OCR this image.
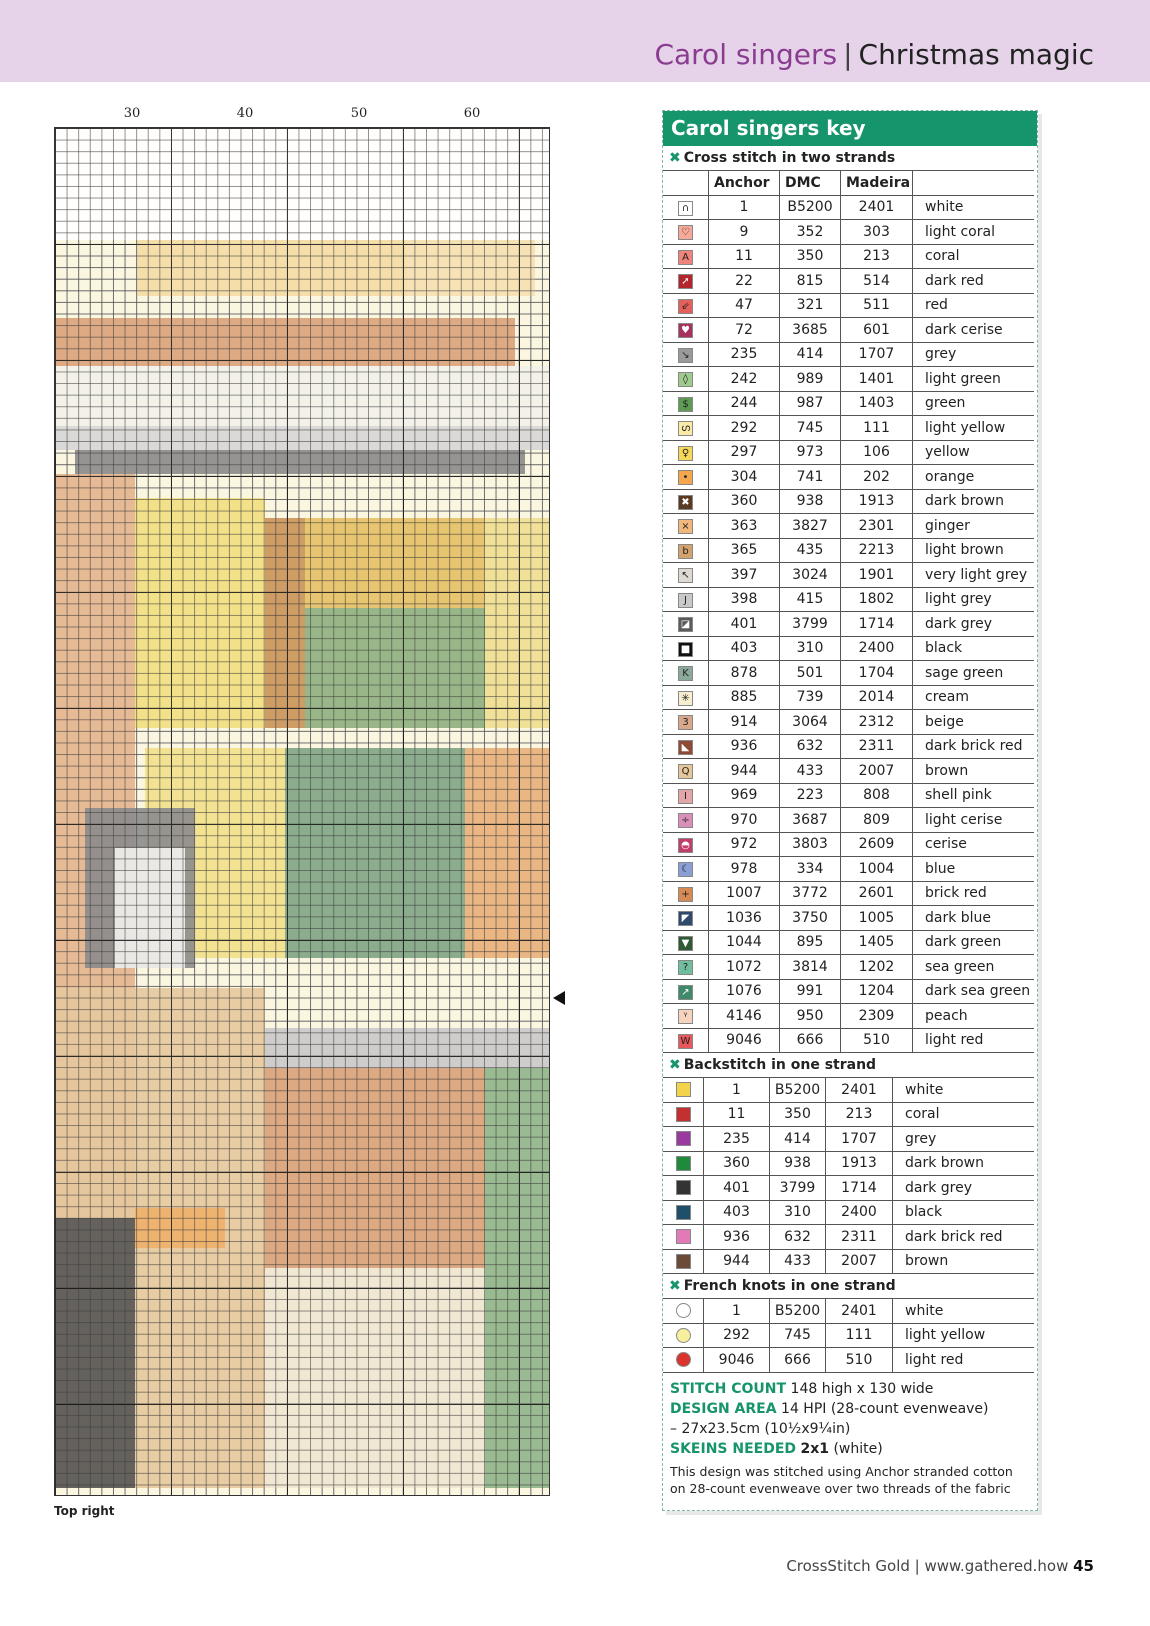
Carol singers | Christmas magic
30	40	50	60
Top right
Carol singers key
✖ Cross stitch in two strands
	Anchor	DMC	Madeira	
∩	1	B5200	2401	white
♡	9	352	303	light coral
A	11	350	213	coral
➚	22	815	514	dark red
⇙	47	321	511	red
♥	72	3685	601	dark cerise
↘	235	414	1707	grey
◊	242	989	1401	light green
$	244	987	1403	green
ഗ	292	745	111	light yellow
♀	297	973	106	yellow
•	304	741	202	orange
✖	360	938	1913	dark brown
×	363	3827	2301	ginger
b	365	435	2213	light brown
↖	397	3024	1901	very light grey
J	398	415	1802	light grey
◪	401	3799	1714	dark grey
■	403	310	2400	black
K	878	501	1704	sage green
✳	885	739	2014	cream
3	914	3064	2312	beige
◣	936	632	2311	dark brick red
Q	944	433	2007	brown
I	969	223	808	shell pink
÷	970	3687	809	light cerise
◓	972	3803	2609	cerise
☾	978	334	1004	blue
+	1007	3772	2601	brick red
◤	1036	3750	1005	dark blue
▼	1044	895	1405	dark green
?	1072	3814	1202	sea green
↗	1076	991	1204	dark sea green
ᵞ	4146	950	2309	peach
W	9046	666	510	light red
✖ Backstitch in one strand
	1	B5200	2401	white
	11	350	213	coral
	235	414	1707	grey
	360	938	1913	dark brown
	401	3799	1714	dark grey
	403	310	2400	black
	936	632	2311	dark brick red
	944	433	2007	brown
✖ French knots in one strand
	1	B5200	2401	white
	292	745	111	light yellow
	9046	666	510	light red
STITCH COUNT 148 high x 130 wide
DESIGN AREA 14 HPI (28-count evenweave)
– 27x23.5cm (10½x9¼in)
SKEINS NEEDED 2x1 (white)
This design was stitched using Anchor stranded cotton on 28-count evenweave over two threads of the fabric
CrossStitch Gold | www.gathered.how 45
